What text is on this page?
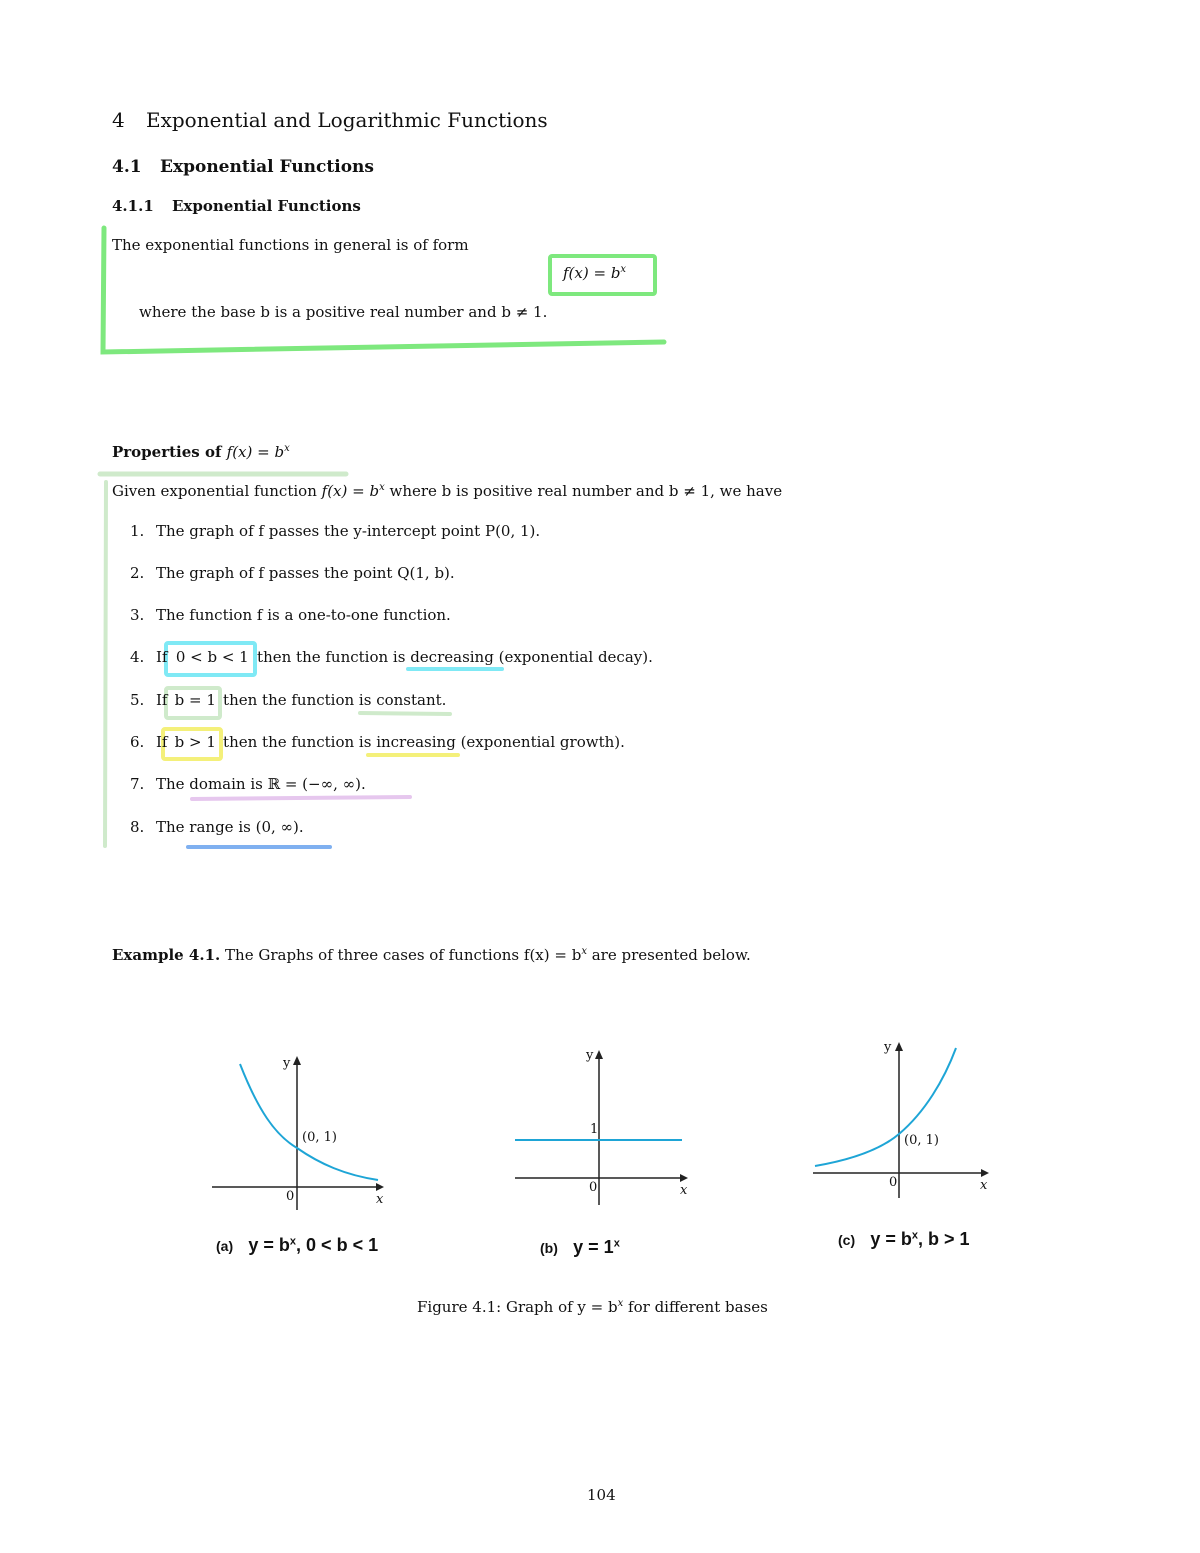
4 Exponential and Logarithmic Functions
4.1 Exponential Functions
4.1.1 Exponential Functions
The exponential functions in general is of form
$f(x) = b^x$
where the base b is a positive real number and b ≠ 1.
Properties of $f(x) = b^x$
Given exponential function $f(x) = b^x$ where b is positive real number and b ≠ 1, we have
1. The graph of f passes the y-intercept point P(0, 1).
2. The graph of f passes the point Q(1, b).
3. The function f is a one-to-one function.
4. If 0 < b < 1 then the function is decreasing (exponential decay).
5. If b = 1 then the function is constant.
6. If b > 1 then the function is increasing (exponential growth).
7. The domain is ℝ = (−∞, ∞).
8. The range is (0, ∞).
Example 4.1. The Graphs of three cases of functions $f(x) = b^x$ are presented below.
y
x
0
(0, 1)
(a) $y = b^x$, 0 < b < 1
y
x
0
1
(b) $y = 1^x$
y
x
0
(0, 1)
(c) $y = b^x$, b > 1
Figure 4.1: Graph of $y = b^x$ for different bases
104
